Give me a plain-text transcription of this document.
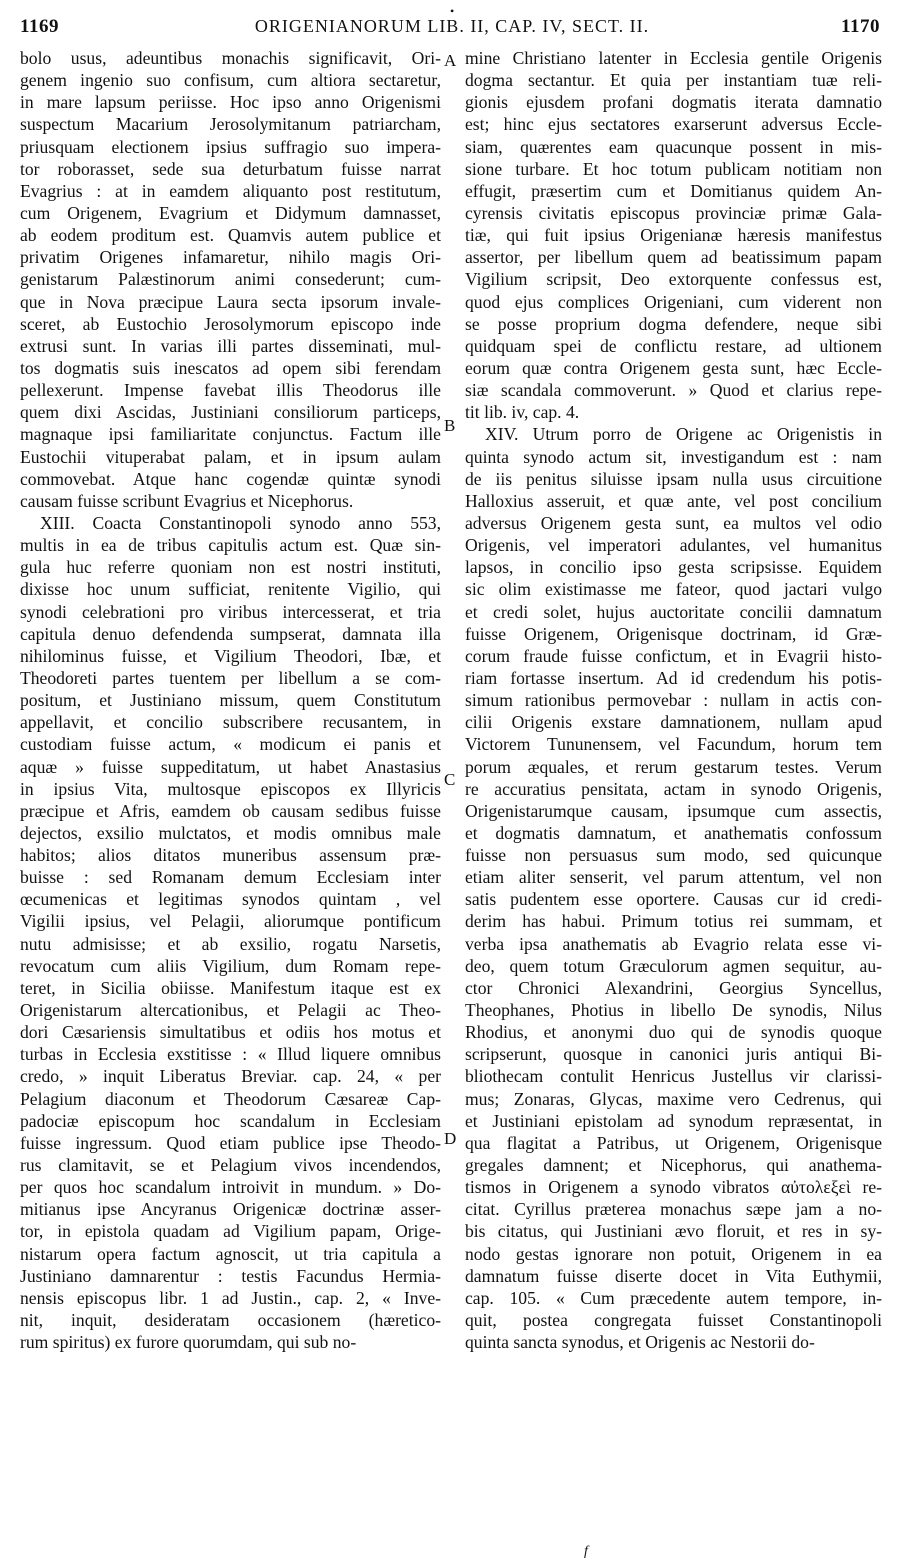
•
1169	ORIGENIANORUM LIB. II, CAP. IV, SECT. II.	1170
bolo usus, adeuntibus monachis significavit, Ori-
genem ingenio suo confisum, cum altiora sectaretur,
in mare lapsum periisse. Hoc ipso anno Origenismi
suspectum Macarium Jerosolymitanum patriarcham,
priusquam electionem ipsius suffragio suo imperа-
tor roborasset, sede sua deturbatum fuisse narrat
Evagrius : at in eamdem aliquanto post restitutum,
cum Origenem, Evagrium et Didymum damnasset,
ab eodem proditum est. Quamvis autem publice et
privatim Origenes infamaretur, nihilo magis Ori-
genistarum Palæstinorum animi consederunt; cum-
que in Nova præcipue Laura secta ipsorum invale-
sceret, ab Eustochio Jerosolymorum episcopo inde
extrusi sunt. In varias illi partes disseminati, mul-
tos dogmatis suis inescatos ad opem sibi ferendam
pellexerunt. Impense favebat illis Theodorus ille
quem dixi Ascidas, Justiniani consiliorum particeps,
magnaque ipsi familiaritate conjunctus. Factum ille
Eustochii vituperabat palam, et in ipsum aulam
commovebat. Atque hanc cogendæ quintæ synodi
causam fuisse scribunt Evagrius et Nicephorus.
XIII. Coacta Constantinopoli synodo anno 553,
multis in ea de tribus capitulis actum est. Quæ sin-
gula huc referre quoniam non est nostri instituti,
dixisse hoc unum sufficiat, renitente Vigilio, qui
synodi celebrationi pro viribus intercesserat, et tria
capitula denuo defendenda sumpserat, damnata illa
nihilominus fuisse, et Vigilium Theodori, Ibæ, et
Theodoreti partes tuentem per libellum a se com-
positum, et Justiniano missum, quem Constitutum
appellavit, et concilio subscribere recusantem, in
custodiam fuisse actum, « modicum ei panis et
aquæ » fuisse suppeditatum, ut habet Anastasius
in ipsius Vita, multosque episcopos ex Illyricis
præcipue et Afris, eamdem ob causam sedibus fuisse
dejectos, exsilio mulctatos, et modis omnibus male
habitos; alios ditatos muneribus assensum præ-
buisse : sed Romanam demum Ecclesiam inter
œcumenicas et legitimas synodos quintam , vel
Vigilii ipsius, vel Pelagii, aliorumque pontificum
nutu admisisse; et ab exsilio, rogatu Narsetis,
revocatum cum aliis Vigilium, dum Romam repe-
teret, in Sicilia obiisse. Manifestum itaque est ex
Origenistarum altercationibus, et Pelagii ac Theo-
dori Cæsariensis simultatibus et odiis hos motus et
turbas in Ecclesia exstitisse : « Illud liquere omnibus
credo, » inquit Liberatus Breviar. cap. 24, « per
Pelagium diaconum et Theodorum Cæsareæ Cap-
padociæ episcopum hoc scandalum in Ecclesiam
fuisse ingressum. Quod etiam publice ipse Theodo-
rus clamitavit, se et Pelagium vivos incendendos,
per quos hoc scandalum introivit in mundum. » Do-
mitianus ipse Ancyranus Origenicæ doctrinæ asser-
tor, in epistola quadam ad Vigilium papam, Orige-
nistarum opera factum agnoscit, ut tria capitula a
Justiniano damnarentur : testis Facundus Hermia-
nensis episcopus libr. 1 ad Justin., cap. 2, « Inve-
nit, inquit, desideratam occasionem (hæretico-
rum spiritus) ex furore quorumdam, qui sub no-
mine Christiano latenter in Ecclesia gentile Origenis
dogma sectantur. Et quia per instantiam tuæ reli-
gionis ejusdem profani dogmatis iterata damnatio
est; hinc ejus sectatores exarserunt adversus Eccle-
siam, quærentes eam quacunque possent in mis-
sione turbare. Et hoc totum publicam notitiam non
effugit, præsertim cum et Domitianus quidem An-
cyrensis civitatis episcopus provinciæ primæ Gala-
tiæ, qui fuit ipsius Origenianæ hæresis manifestus
assertor, per libellum quem ad beatissimum papam
Vigilium scripsit, Deo extorquente confessus est,
quod ejus complices Origeniani, cum viderent non
se posse proprium dogma defendere, neque sibi
quidquam spei de conflictu restare, ad ultionem
eorum quæ contra Origenem gesta sunt, hæc Eccle-
siæ scandala commoverunt. » Quod et clarius repe-
tit lib. iv, cap. 4.
XIV. Utrum porro de Origene ac Origenistis in
quinta synodo actum sit, investigandum est : nam
de iis penitus siluisse ipsam nulla usus circuitione
Halloxius asseruit, et quæ ante, vel post concilium
adversus Origenem gesta sunt, ea multos vel odio
Origenis, vel imperatori adulantes, vel humanitus
lapsos, in concilio ipso gesta scripsisse. Equidem
sic olim existimasse me fateor, quod jactari vulgo
et credi solet, hujus auctoritate concilii damnatum
fuisse Origenem, Origenisque doctrinam, id Græ-
corum fraude fuisse confictum, et in Evagrii histo-
riam fortasse insertum. Ad id credendum his potis-
simum rationibus permovebar : nullam in actis con-
cilii Origenis exstare damnationem, nullam apud
Victorem Tununensem, vel Facundum, horum tem
porum æquales, et rerum gestarum testes. Verum
re accuratius pensitata, actam in synodo Origenis,
Origenistarumque causam, ipsumque cum assectis,
et dogmatis damnatum, et anathematis confossum
fuisse non persuasus sum modo, sed quicunque
etiam aliter senserit, vel parum attentum, vel non
satis pudentem esse oportere. Causas cur id credi-
derim has habui. Primum totius rei summam, et
verba ipsa anathematis ab Evagrio relata esse vi-
deo, quem totum Græculorum agmen sequitur, au-
ctor Chronici Alexandrini, Georgius Syncellus,
Theophanes, Photius in libello De synodis, Nilus
Rhodius, et anonymi duo qui de synodis quoque
scripserunt, quosque in canonici juris antiqui Bi-
bliothecam contulit Henricus Justellus vir clarissi-
mus; Zonaras, Glycas, maxime vero Cedrenus, qui
et Justiniani epistolam ad synodum repræsentat, in
qua flagitat a Patribus, ut Origenem, Origenisque
gregales damnent; et Nicephorus, qui anathema-
tismos in Origenem a synodo vibratos αὐτολεξεὶ re-
citat. Cyrillus præterea monachus sæpe jam a no-
bis citatus, qui Justiniani ævo floruit, et res in sy-
nodo gestas ignorare non potuit, Origenem in ea
damnatum fuisse diserte docet in Vita Euthymii,
cap. 105. « Cum præcedente autem tempore, in-
quit, postea congregata fuisset Constantinopoli
quinta sancta synodus, et Origenis ac Nestorii do-
A
B
C
D
f
